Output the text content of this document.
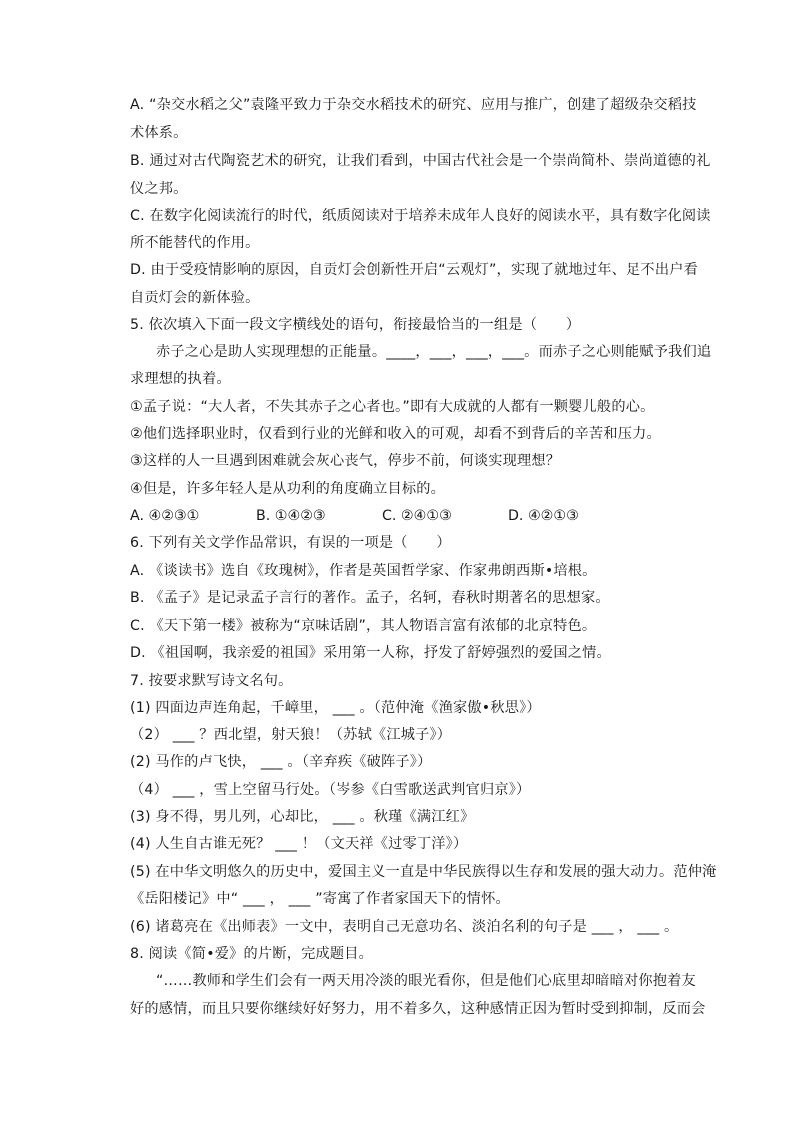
A. “杂交水稻之父”袁隆平致力于杂交水稻技术的研究、应用与推广，创建了超级杂交稻技
术体系。
B. 通过对古代陶瓷艺术的研究，让我们看到，中国古代社会是一个崇尚简朴、崇尚道德的礼
仪之邦。
C. 在数字化阅读流行的时代，纸质阅读对于培养未成年人良好的阅读水平，具有数字化阅读
所不能替代的作用。
D. 由于受疫情影响的原因，自贡灯会创新性开启“云观灯”，实现了就地过年、足不出户看
自贡灯会的新体验。
5. 依次填入下面一段文字横线处的语句，衔接最恰当的一组是（　　）
赤子之心是助人实现理想的正能量。____，___，___，___。而赤子之心则能赋予我们追
求理想的执着。
①孟子说：“大人者，不失其赤子之心者也。”即有大成就的人都有一颗婴儿般的心。
②他们选择职业时，仅看到行业的光鲜和收入的可观，却看不到背后的辛苦和压力。
③这样的人一旦遇到困难就会灰心丧气，停步不前，何谈实现理想？
④但是，许多年轻人是从功利的角度确立目标的。
A. ④②③①	B. ①④②③	C. ②④①③	D. ④②①③
6. 下列有关文学作品常识，有误的一项是（　　）
A. 《谈读书》选自《玫瑰树》，作者是英国哲学家、作家弗朗西斯•培根。
B. 《孟子》是记录孟子言行的著作。孟子，名轲，春秋时期著名的思想家。
C. 《天下第一楼》被称为“京味话剧”，其人物语言富有浓郁的北京特色。
D. 《祖国啊，我亲爱的祖国》采用第一人称，抒发了舒婷强烈的爱国之情。
7. 按要求默写诗文名句。
(1) 四面边声连角起，千嶂里， ___ 。（范仲淹《渔家傲•秋思》）
（2） ___ ？西北望，射天狼！（苏轼《江城子》）
(2) 马作的卢飞快， ___ 。（辛弃疾《破阵子》）
（4） ___ ，雪上空留马行处。（岑参《白雪歌送武判官归京》）
(3) 身不得，男儿列，心却比， ___ 。秋瑾《满江红》
(4) 人生自古谁无死？ ___ ！（文天祥《过零丁洋》）
(5) 在中华文明悠久的历史中，爱国主义一直是中华民族得以生存和发展的强大动力。范仲淹
《岳阳楼记》中“ ___ ， ___ ”寄寓了作者家国天下的情怀。
(6) 诸葛亮在《出师表》一文中，表明自己无意功名、淡泊名利的句子是 ___ ， ___ 。
8. 阅读《简•爱》的片断，完成题目。
“……教师和学生们会有一两天用冷淡的眼光看你，但是他们心底里却暗暗对你抱着友
好的感情，而且只要你继续好好努力，用不着多久，这种感情正因为暂时受到抑制，反而会
